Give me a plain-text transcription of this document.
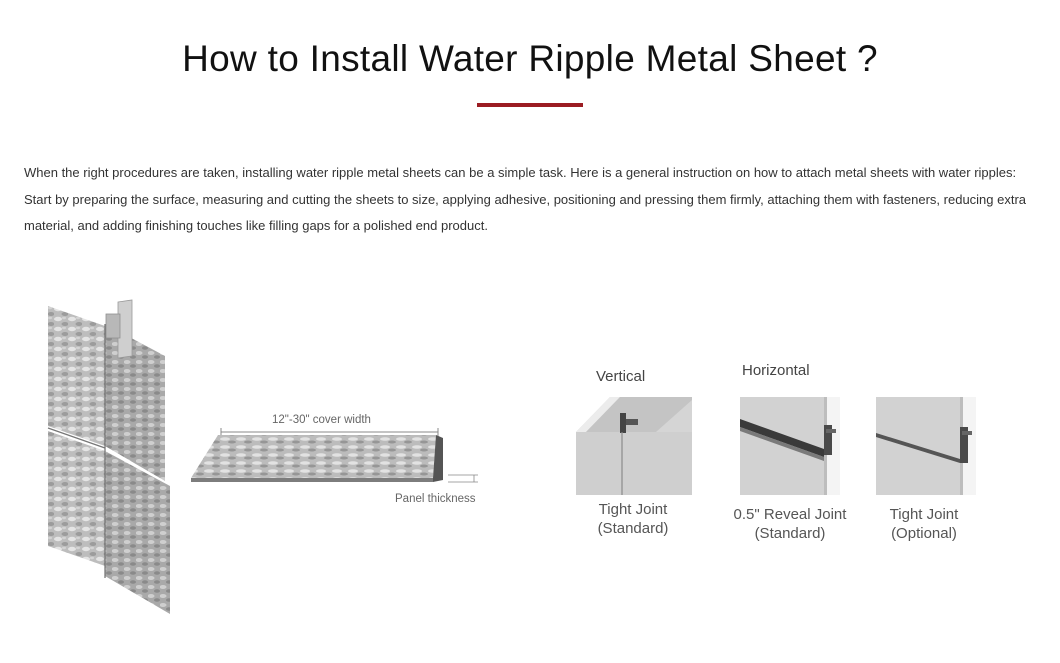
How to Install Water Ripple Metal Sheet ?

When the right procedures are taken, installing water ripple metal sheets can be a simple task. Here is a general instruction on how to attach metal sheets with water ripples: Start by preparing the surface, measuring and cutting the sheets to size, applying adhesive, positioning and pressing them firmly, attaching them with fasteners, reducing extra material, and adding finishing touches like filling gaps for a polished end product.

12"-30" cover width
Panel thickness
Vertical	Horizontal
Tight Joint
(Standard)
0.5" Reveal Joint
(Standard)
Tight Joint
(Optional)
